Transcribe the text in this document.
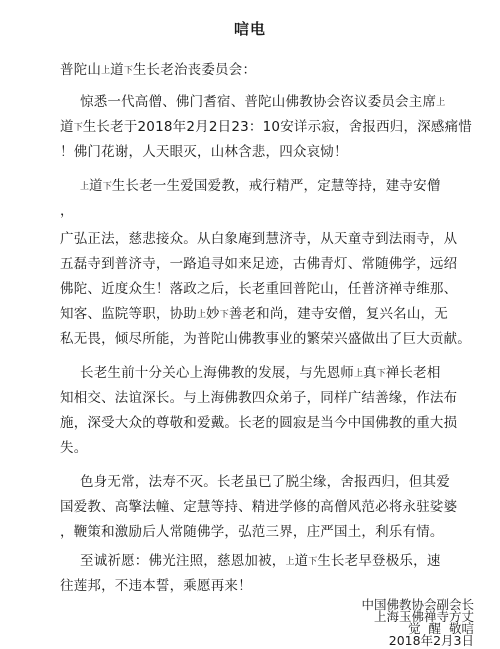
唁电
普陀山上道下生长老治丧委员会：
惊悉一代高僧、佛门耆宿、普陀山佛教协会咨议委员会主席上
道下生长老于2018年2月2日23：10安详示寂，舍报西归，深感痛惜
！佛门花谢，人天眼灭，山林含悲，四众哀恸！
上道下生长老一生爱国爱教，戒行精严，定慧等持，建寺安僧
，
广弘正法，慈悲接众。从白象庵到慧济寺，从天童寺到法雨寺，从
五磊寺到普济寺，一路追寻如来足迹，古佛青灯、常随佛学，远绍
佛陀、近度众生！落政之后，长老重回普陀山，任普济禅寺维那、
知客、监院等职，协助上妙下善老和尚，建寺安僧，复兴名山，无
私无畏，倾尽所能，为普陀山佛教事业的繁荣兴盛做出了巨大贡献。
长老生前十分关心上海佛教的发展，与先恩师上真下禅长老相
知相交、法谊深长。与上海佛教四众弟子，同样广结善缘，作法布
施，深受大众的尊敬和爱戴。长老的圆寂是当今中国佛教的重大损
失。
色身无常，法寿不灭。长老虽已了脱尘缘，舍报西归，但其爱
国爱教、高擎法幢、定慧等持、精进学修的高僧风范必将永驻娑婆
，鞭策和激励后人常随佛学，弘范三界，庄严国土，利乐有情。
至诚祈愿：佛光注照，慈恩加被，上道下生长老早登极乐，速
往莲邦，不违本誓，乘愿再来！
中国佛教协会副会长
上海玉佛禅寺方丈
觉  醒  敬唁
2018年2月3日
